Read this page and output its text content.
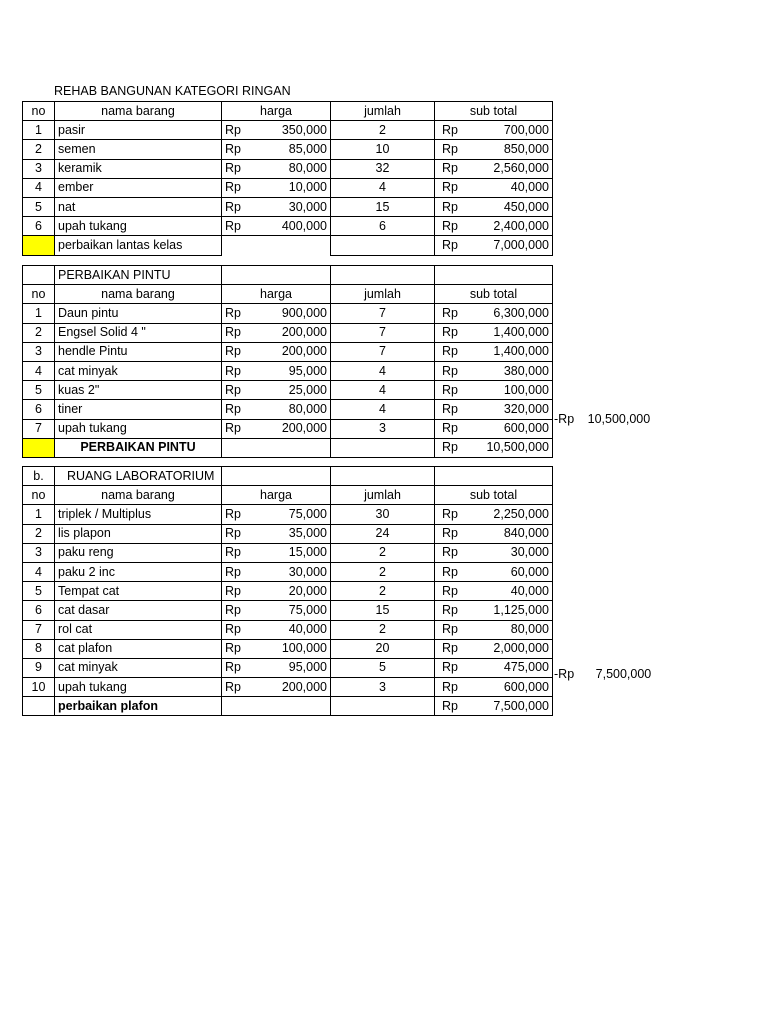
REHAB BANGUNAN KATEGORI RINGAN
no	nama barang	harga	jumlah	sub total
1	pasir	Rp 350,000	2	Rp 700,000

2	semen	Rp 85,000	10	Rp 850,000

3	keramik	Rp 80,000	32	Rp 2,560,000

4	ember	Rp 10,000	4	Rp 40,000

5	nat	Rp 30,000	15	Rp 450,000

6	upah tukang	Rp 400,000	6	Rp 2,400,000

	perbaikan lantas kelas			Rp 7,000,000
	PERBAIKAN PINTU			
no	nama barang	harga	jumlah	sub total
1	Daun pintu	Rp 900,000	7	Rp 6,300,000

2	Engsel Solid 4 "	Rp 200,000	7	Rp 1,400,000

3	hendle Pintu	Rp 200,000	7	Rp 1,400,000

4	cat minyak	Rp 95,000	4	Rp 380,000

5	kuas 2"	Rp 25,000	4	Rp 100,000

6	tiner	Rp 80,000	4	Rp 320,000

7	upah tukang	Rp 200,000	3	Rp 600,000

	PERBAIKAN PINTU			Rp 10,500,000
-Rp 10,500,000
b.	RUANG LABORATORIUM			
no	nama barang	harga	jumlah	sub total
1	triplek / Multiplus	Rp 75,000	30	Rp 2,250,000

2	lis plapon	Rp 35,000	24	Rp 840,000

3	paku reng	Rp 15,000	2	Rp 30,000

4	paku 2 inc	Rp 30,000	2	Rp 60,000

5	Tempat cat	Rp 20,000	2	Rp 40,000

6	cat dasar	Rp 75,000	15	Rp 1,125,000

7	rol cat	Rp 40,000	2	Rp 80,000

8	cat plafon	Rp 100,000	20	Rp 2,000,000

9	cat minyak	Rp 95,000	5	Rp 475,000

10	upah tukang	Rp 200,000	3	Rp 600,000

	perbaikan plafon			Rp 7,500,000
-Rp 7,500,000
